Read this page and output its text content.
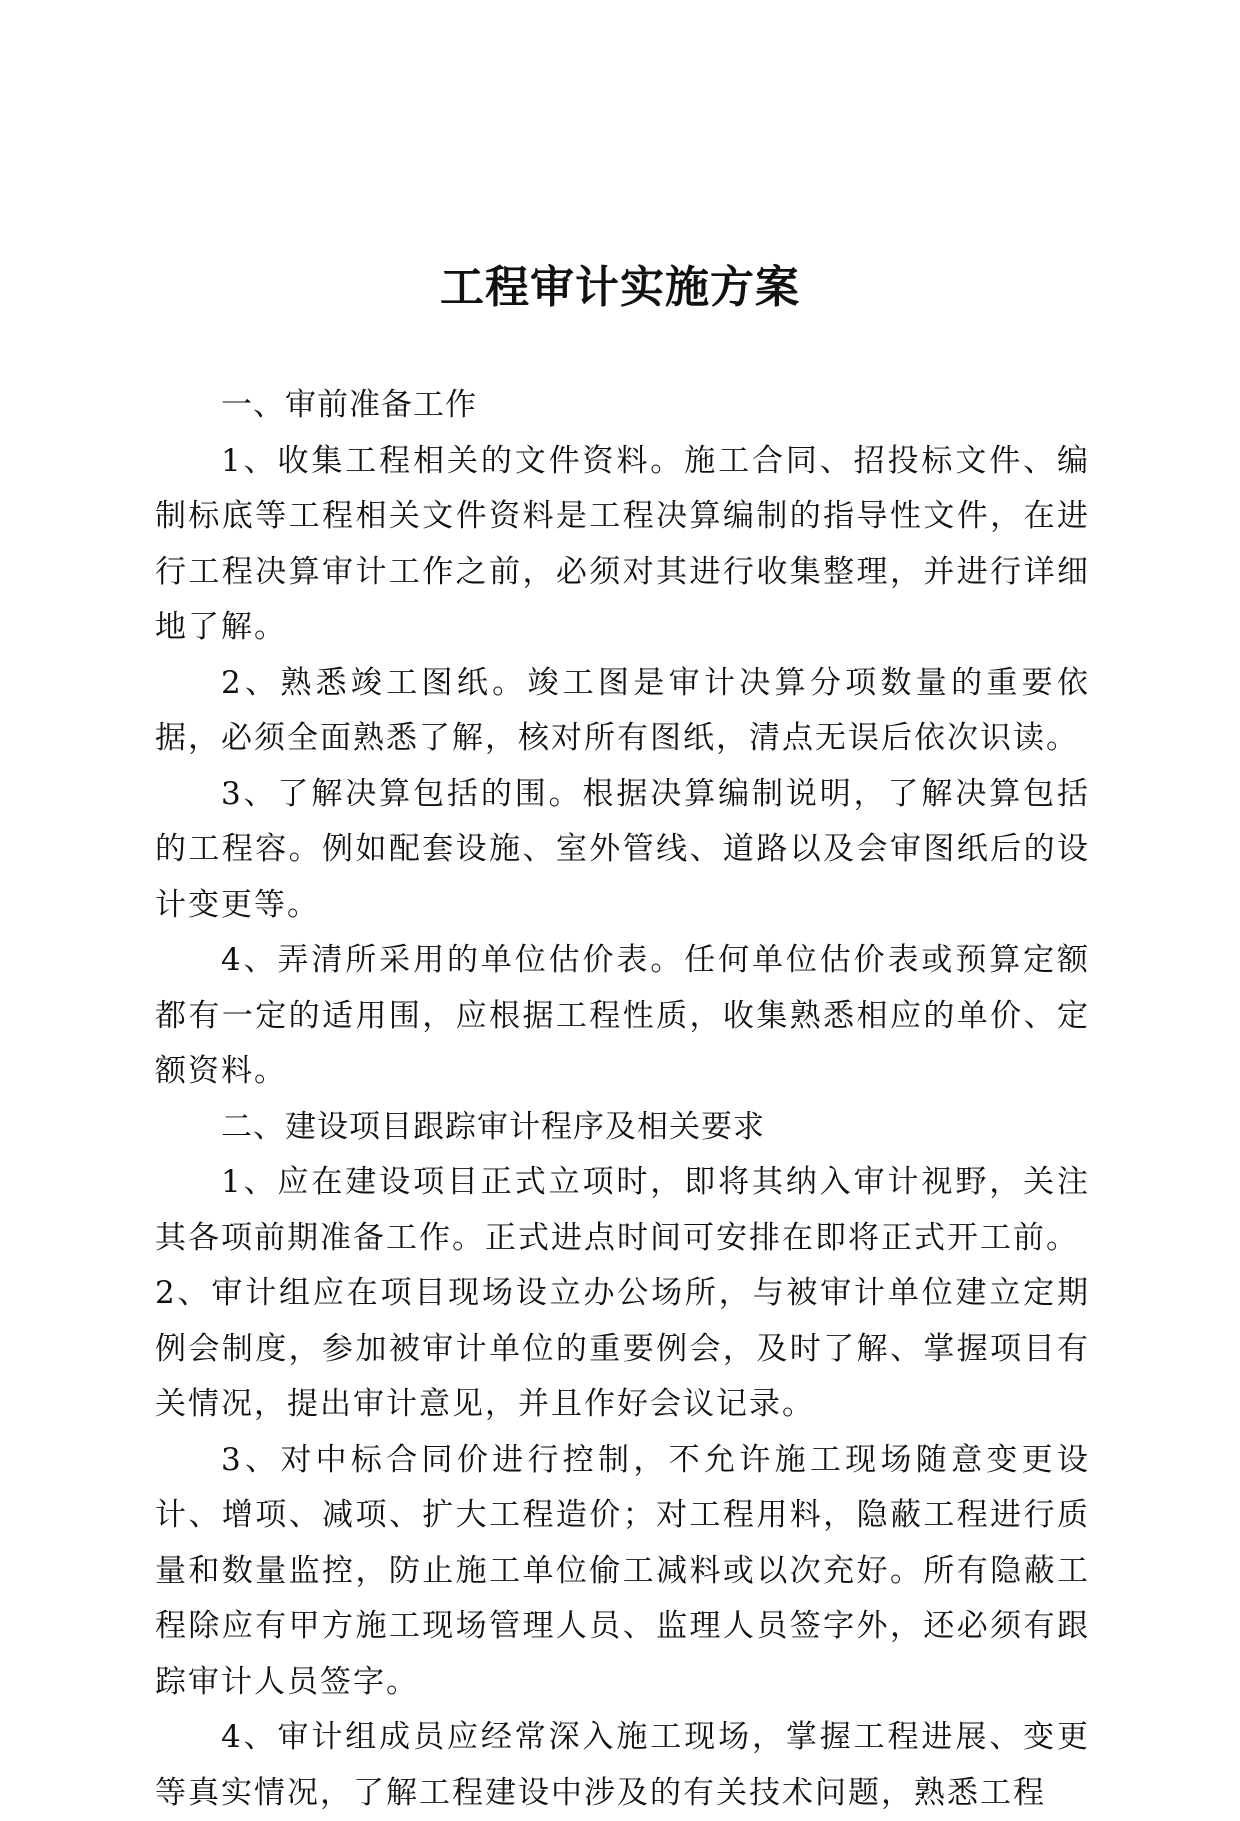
工程审计实施方案

一、审前准备工作

1、收集工程相关的文件资料。施工合同、招投标文件、编制标底等工程相关文件资料是工程决算编制的指导性文件，在进行工程决算审计工作之前，必须对其进行收集整理，并进行详细地了解。

2、熟悉竣工图纸。竣工图是审计决算分项数量的重要依据，必须全面熟悉了解，核对所有图纸，清点无误后依次识读。

3、了解决算包括的围。根据决算编制说明，了解决算包括的工程容。例如配套设施、室外管线、道路以及会审图纸后的设计变更等。

4、弄清所采用的单位估价表。任何单位估价表或预算定额都有一定的适用围，应根据工程性质，收集熟悉相应的单价、定额资料。

二、建设项目跟踪审计程序及相关要求

1、应在建设项目正式立项时，即将其纳入审计视野，关注其各项前期准备工作。正式进点时间可安排在即将正式开工前。

2、审计组应在项目现场设立办公场所，与被审计单位建立定期例会制度，参加被审计单位的重要例会，及时了解、掌握项目有关情况，提出审计意见，并且作好会议记录。

3、对中标合同价进行控制，不允许施工现场随意变更设计、增项、减项、扩大工程造价；对工程用料，隐蔽工程进行质量和数量监控，防止施工单位偷工减料或以次充好。所有隐蔽工程除应有甲方施工现场管理人员、监理人员签字外，还必须有跟踪审计人员签字。

4、审计组成员应经常深入施工现场，掌握工程进展、变更等真实情况，了解工程建设中涉及的有关技术问题，熟悉工程
